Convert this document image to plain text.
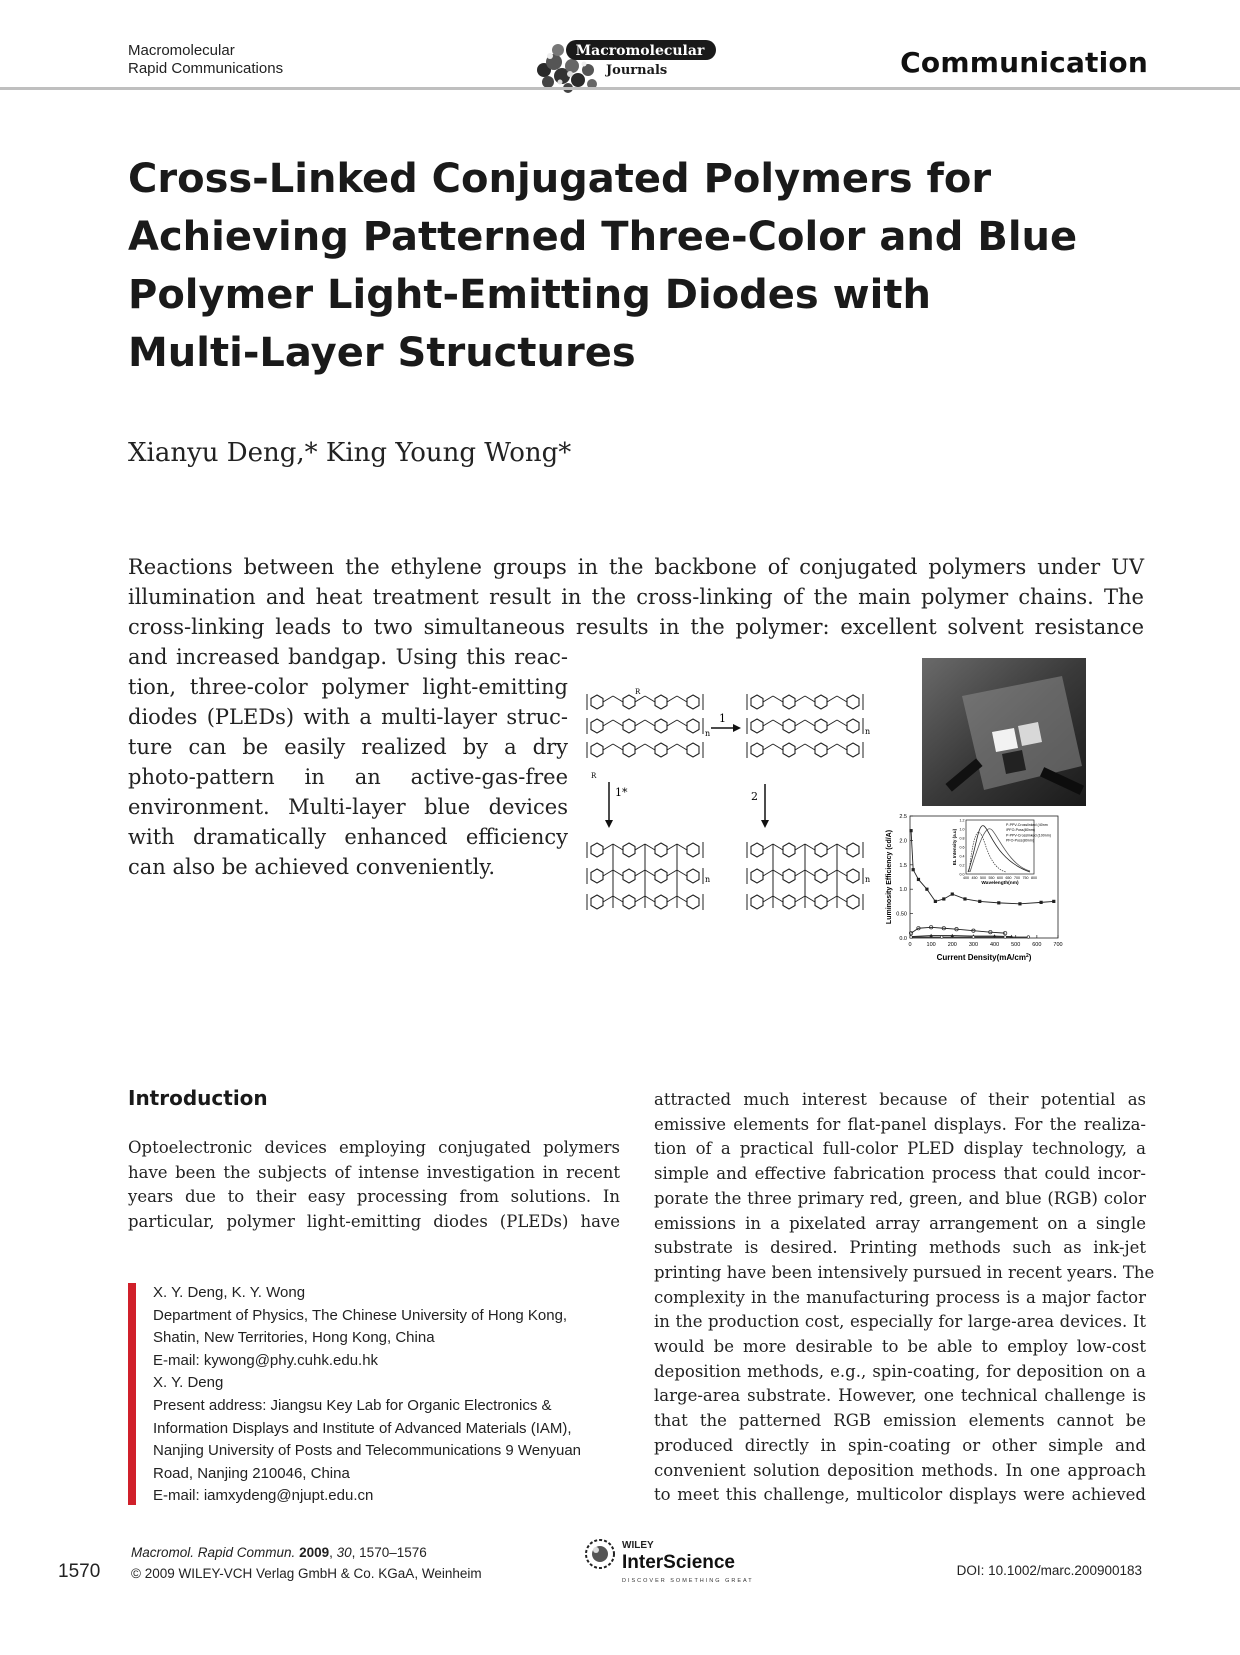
Macromolecular
Rapid Communications
Macromolecular
Journals	Communication
Cross-Linked Conjugated Polymers for
Achieving Patterned Three-Color and Blue
Polymer Light-Emitting Diodes with
Multi-Layer Structures
Xianyu Deng,* King Young Wong*
Reactions between the ethylene groups in the backbone of conjugated polymers under UV
illumination and heat treatment result in the cross-linking of the main polymer chains. The
cross-linking leads to two simultaneous results in the polymer: excellent solvent resistance
and increased bandgap. Using this reac-
tion, three-color polymer light-emitting
diodes (PLEDs) with a multi-layer struc-
ture can be easily realized by a dry
photo-pattern in an active-gas-free
environment. Multi-layer blue devices
with dramatically enhanced efficiency
can also be achieved conveniently.
R
R
n
1
n
1*	2
n	n
0.0
0.50
1.0
1.5
2.0
2.5
0	100 200 300 400 500 600 700
Current $Density(mA/cm^2)$
Luminosity Efficiency (cd/A)	400 450 500 550 600 650 700 750 800
0.0
0.2
0.4
0.6
0.8
1.0
1.2
Wavelength(nm)
EL Intensity (a.u)
P-PPV-Crosslinked (40nm
/PFO-Poss(80nm)
P-PPV-Crosslinked (100nm)
PFO-Poss(80nm)
Introduction
Optoelectronic devices employing conjugated polymers
have been the subjects of intense investigation in recent
years due to their easy processing from solutions. In
particular, polymer light-emitting diodes (PLEDs) have
attracted much interest because of their potential as
emissive elements for flat-panel displays. For the realiza-
tion of a practical full-color PLED display technology, a
simple and effective fabrication process that could incor-
porate the three primary red, green, and blue (RGB) color
emissions in a pixelated array arrangement on a single
substrate is desired. Printing methods such as ink-jet
printing have been intensively pursued in recent years. The
complexity in the manufacturing process is a major factor
in the production cost, especially for large-area devices. It
would be more desirable to be able to employ low-cost
deposition methods, e.g., spin-coating, for deposition on a
large-area substrate. However, one technical challenge is
that the patterned RGB emission elements cannot be
produced directly in spin-coating or other simple and
convenient solution deposition methods. In one approach
to meet this challenge, multicolor displays were achieved
X. Y. Deng, K. Y. Wong
Department of Physics, The Chinese University of Hong Kong,
Shatin, New Territories, Hong Kong, China
E-mail: kywong@phy.cuhk.edu.hk
X. Y. Deng
Present address: Jiangsu Key Lab for Organic Electronics &
Information Displays and Institute of Advanced Materials (IAM),
Nanjing University of Posts and Telecommunications 9 Wenyuan
Road, Nanjing 210046, China
E-mail: iamxydeng@njupt.edu.cn
1570
Macromol. Rapid Commun. 2009, 30, 1570–1576
© 2009 WILEY-VCH Verlag GmbH & Co. KGaA, Weinheim
WILEY
InterScience
DISCOVER SOMETHING GREAT
DOI: 10.1002/marc.200900183
